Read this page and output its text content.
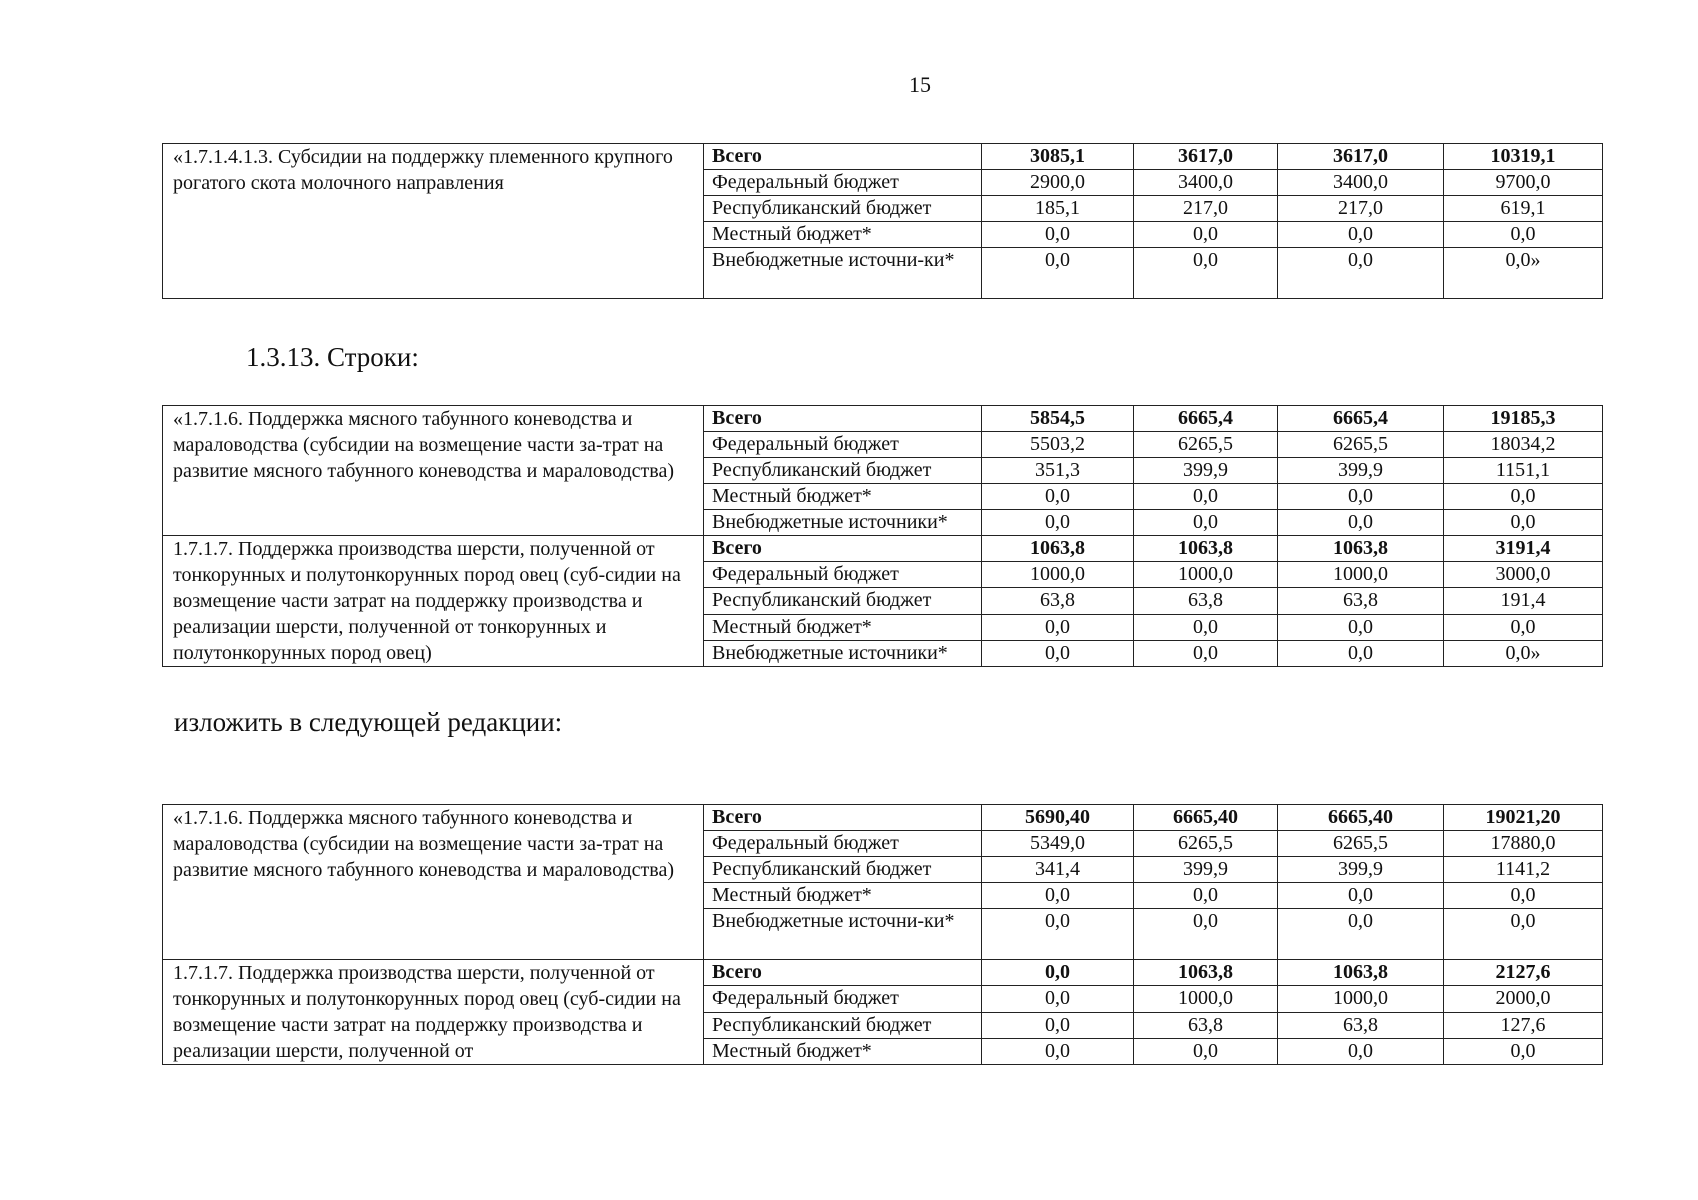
15
«1.7.1.4.1.3. Субсидии на поддержку племенного крупного рогатого скота молочного направления	Всего	3085,1	3617,0	3617,0	10319,1
	Федеральный бюджет	2900,0	3400,0	3400,0	9700,0
	Республиканский бюджет	185,1	217,0	217,0	619,1
	Местный бюджет*	0,0	0,0	0,0	0,0
	Внебюджетные источни-ки*	0,0	0,0	0,0	0,0»
1.3.13. Строки:
«1.7.1.6. Поддержка мясного табунного коневодства и мараловодства (субсидии на возмещение части за-трат на развитие мясного табунного коневодства и мараловодства)	Всего	5854,5	6665,4	6665,4	19185,3
	Федеральный бюджет	5503,2	6265,5	6265,5	18034,2
	Республиканский бюджет	351,3	399,9	399,9	1151,1
	Местный бюджет*	0,0	0,0	0,0	0,0
	Внебюджетные источники*	0,0	0,0	0,0	0,0
1.7.1.7. Поддержка производства шерсти, полученной от тонкорунных и полутонкорунных пород овец (суб-сидии на возмещение части затрат на поддержку производства и реализации шерсти, полученной от тонкорунных и полутонкорунных пород овец)	Всего	1063,8	1063,8	1063,8	3191,4
	Федеральный бюджет	1000,0	1000,0	1000,0	3000,0
	Республиканский бюджет	63,8	63,8	63,8	191,4
	Местный бюджет*	0,0	0,0	0,0	0,0
	Внебюджетные источники*	0,0	0,0	0,0	0,0»
изложить в следующей редакции:
«1.7.1.6. Поддержка мясного табунного коневодства и мараловодства (субсидии на возмещение части за-трат на развитие мясного табунного коневодства и мараловодства)	Всего	5690,40	6665,40	6665,40	19021,20
	Федеральный бюджет	5349,0	6265,5	6265,5	17880,0
	Республиканский бюджет	341,4	399,9	399,9	1141,2
	Местный бюджет*	0,0	0,0	0,0	0,0
	Внебюджетные источни-ки*	0,0	0,0	0,0	0,0

1.7.1.7. Поддержка производства шерсти, полученной от тонкорунных и полутонкорунных пород овец (суб-сидии на возмещение части затрат на поддержку производства и реализации шерсти, полученной от	Всего	0,0	1063,8	1063,8	2127,6
	Федеральный бюджет	0,0	1000,0	1000,0	2000,0
	Республиканский бюджет	0,0	63,8	63,8	127,6
	Местный бюджет*	0,0	0,0	0,0	0,0
